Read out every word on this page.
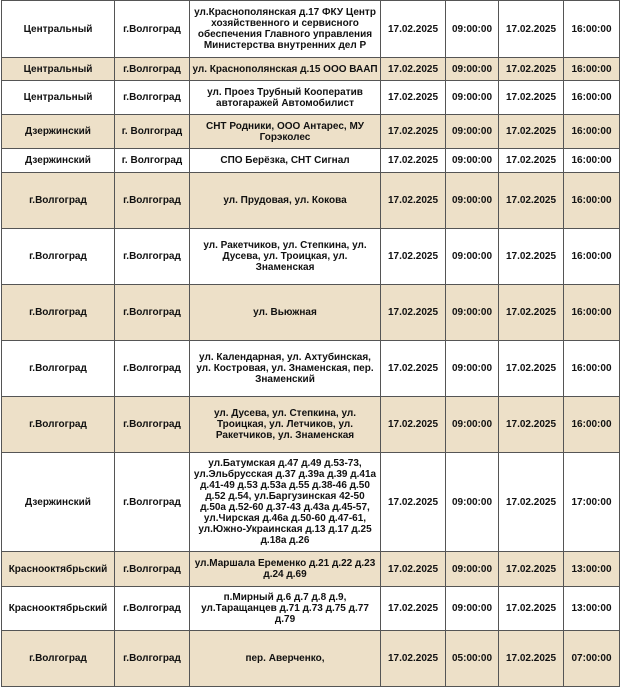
Центральный	г.Волгоград	ул.Краснополянская д.17 ФКУ Центр хозяйственного и сервисного обеспечения Главного управления Министерства внутренних дел Р	17.02.2025	09:00:00	17.02.2025	16:00:00
Центральный	г.Волгоград	ул. Краснополянская д.15 ООО ВААП	17.02.2025	09:00:00	17.02.2025	16:00:00
Центральный	г.Волгоград	ул. Проез Трубный Кооператив автогаражей Автомобилист	17.02.2025	09:00:00	17.02.2025	16:00:00
Дзержинский	г. Волгоград	СНТ Родники, ООО Антарес, МУ Горэколес	17.02.2025	09:00:00	17.02.2025	16:00:00
Дзержинский	г. Волгоград	СПО Берёзка, СНТ Сигнал	17.02.2025	09:00:00	17.02.2025	16:00:00
г.Волгоград	г.Волгоград	ул. Прудовая, ул. Кокова	17.02.2025	09:00:00	17.02.2025	16:00:00
г.Волгоград	г.Волгоград	ул. Ракетчиков, ул. Степкина, ул. Дусева, ул. Троицкая, ул. Знаменская	17.02.2025	09:00:00	17.02.2025	16:00:00
г.Волгоград	г.Волгоград	ул. Вьюжная	17.02.2025	09:00:00	17.02.2025	16:00:00
г.Волгоград	г.Волгоград	ул. Календарная, ул. Ахтубинская, ул. Костровая, ул. Знаменская, пер. Знаменский	17.02.2025	09:00:00	17.02.2025	16:00:00
г.Волгоград	г.Волгоград	ул. Дусева, ул. Степкина, ул. Троицкая, ул. Летчиков, ул. Ракетчиков, ул. Знаменская	17.02.2025	09:00:00	17.02.2025	16:00:00
Дзержинский	г.Волгоград	ул.Батумская д.47 д.49 д.53-73, ул.Эльбрусская д.37 д.39а д.39 д.41а д.41-49 д.53 д.53а д.55 д.38-46 д.50 д.52 д.54, ул.Баргузинская 42-50 д.50а д.52-60 д.37-43 д.43а д.45-57, ул.Чирская д.46а д.50-60 д.47-61, ул.Южно-Украинская д.13 д.17 д.25 д.18а д.26	17.02.2025	09:00:00	17.02.2025	17:00:00
Краснооктябрьский	г.Волгоград	ул.Маршала Еременко д.21 д.22 д.23 д.24 д.69	17.02.2025	09:00:00	17.02.2025	13:00:00
Краснооктябрьский	г.Волгоград	п.Мирный д.6 д.7 д.8 д.9, ул.Таращанцев д.71 д.73 д.75 д.77 д.79	17.02.2025	09:00:00	17.02.2025	13:00:00
г.Волгоград	г.Волгоград	пер. Аверченко,	17.02.2025	05:00:00	17.02.2025	07:00:00
